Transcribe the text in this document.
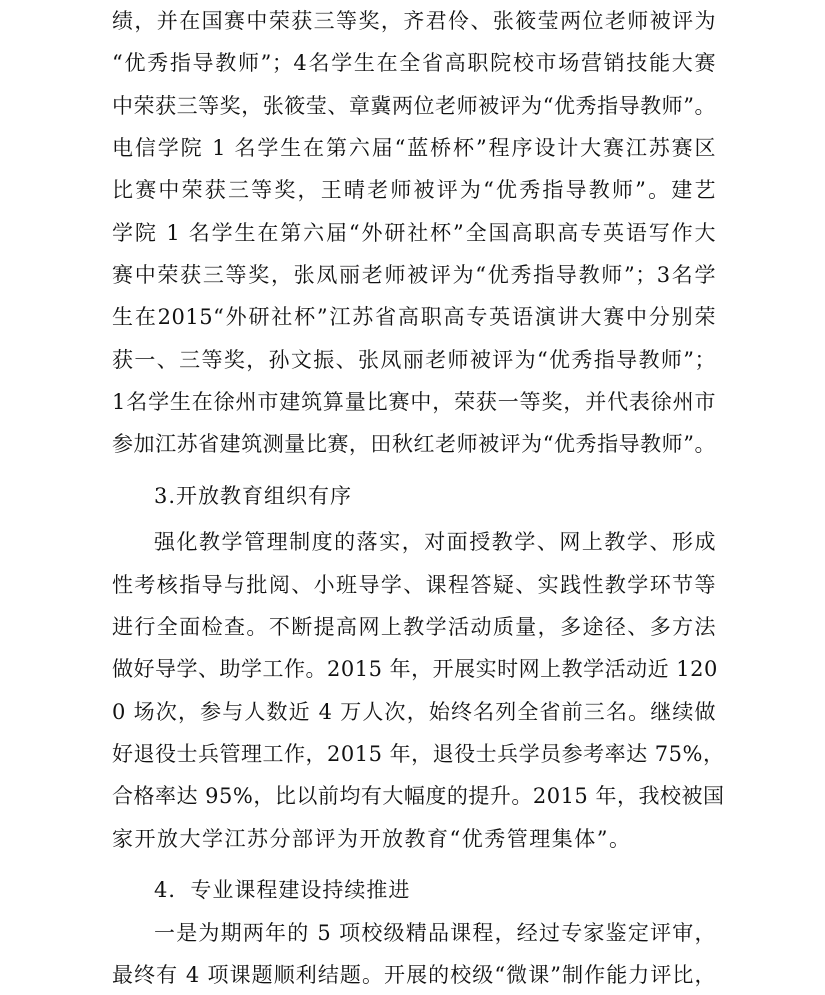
绩，并在国赛中荣获三等奖，齐君伶、张筱莹两位老师被评为
“优秀指导教师”；4名学生在全省高职院校市场营销技能大赛
中荣获三等奖，张筱莹、章冀两位老师被评为“优秀指导教师”。
电信学院 1 名学生在第六届“蓝桥杯”程序设计大赛江苏赛区
比赛中荣获三等奖，王晴老师被评为“优秀指导教师”。建艺
学院 1 名学生在第六届“外研社杯”全国高职高专英语写作大
赛中荣获三等奖，张凤丽老师被评为“优秀指导教师”；3名学
生在2015“外研社杯”江苏省高职高专英语演讲大赛中分别荣
获一、三等奖，孙文振、张凤丽老师被评为“优秀指导教师”；
1名学生在徐州市建筑算量比赛中，荣获一等奖，并代表徐州市
参加江苏省建筑测量比赛，田秋红老师被评为“优秀指导教师”。
3.开放教育组织有序
强化教学管理制度的落实，对面授教学、网上教学、形成
性考核指导与批阅、小班导学、课程答疑、实践性教学环节等
进行全面检查。不断提高网上教学活动质量，多途径、多方法
做好导学、助学工作。2015 年，开展实时网上教学活动近 120
0 场次，参与人数近 4 万人次，始终名列全省前三名。继续做
好退役士兵管理工作，2015 年，退役士兵学员参考率达 75%，
合格率达 95%，比以前均有大幅度的提升。2015 年，我校被国
家开放大学江苏分部评为开放教育“优秀管理集体”。
4．专业课程建设持续推进
一是为期两年的 5 项校级精品课程，经过专家鉴定评审，
最终有 4 项课题顺利结题。开展的校级“微课”制作能力评比，
